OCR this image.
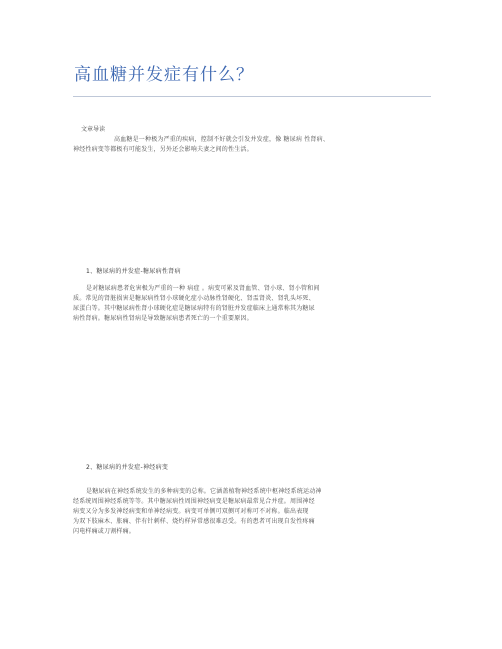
高血糖并发症有什么？
文章导读
高血糖是一种极为严重的疾病，控制不好就会引发并发症，像 糖尿病 性肾病、
神经性病变等都极有可能发生，另外还会影响夫妻之间的性生活。
1、糖尿病的并发症-糖尿病性肾病
是对糖尿病患者危害极为严重的一种 病症 。病变可累及肾血管、肾小球、肾小管和间
质。常见的肾脏损害是糖尿病性肾小球硬化症小动脉性肾硬化、肾盂肾炎、肾乳头坏死、
尿蛋白等。其中糖尿病性肾小球硬化症是糖尿病特有的肾脏并发症临床上通常称其为糖尿
病性肾病。糖尿病性肾病是导致糖尿病患者死亡的一个重要原因。
2、糖尿病的并发症-神经病变
是糖尿病在神经系统发生的多种病变的总称。它涵盖植物神经系统中枢神经系统运动神
经系统周围神经系统等等。其中糖尿病性周围神经病变是糖尿病最常见合并症。周围神经
病变又分为多发神经病变和单神经病变。病变可单侧可双侧可对称可不对称。临出表现
为双下肢麻木、胀痛、伴有针刺样、烧灼样异常感很难忍受。有的患者可出现自发性疼痛
闪电样痛或刀割样痛。
